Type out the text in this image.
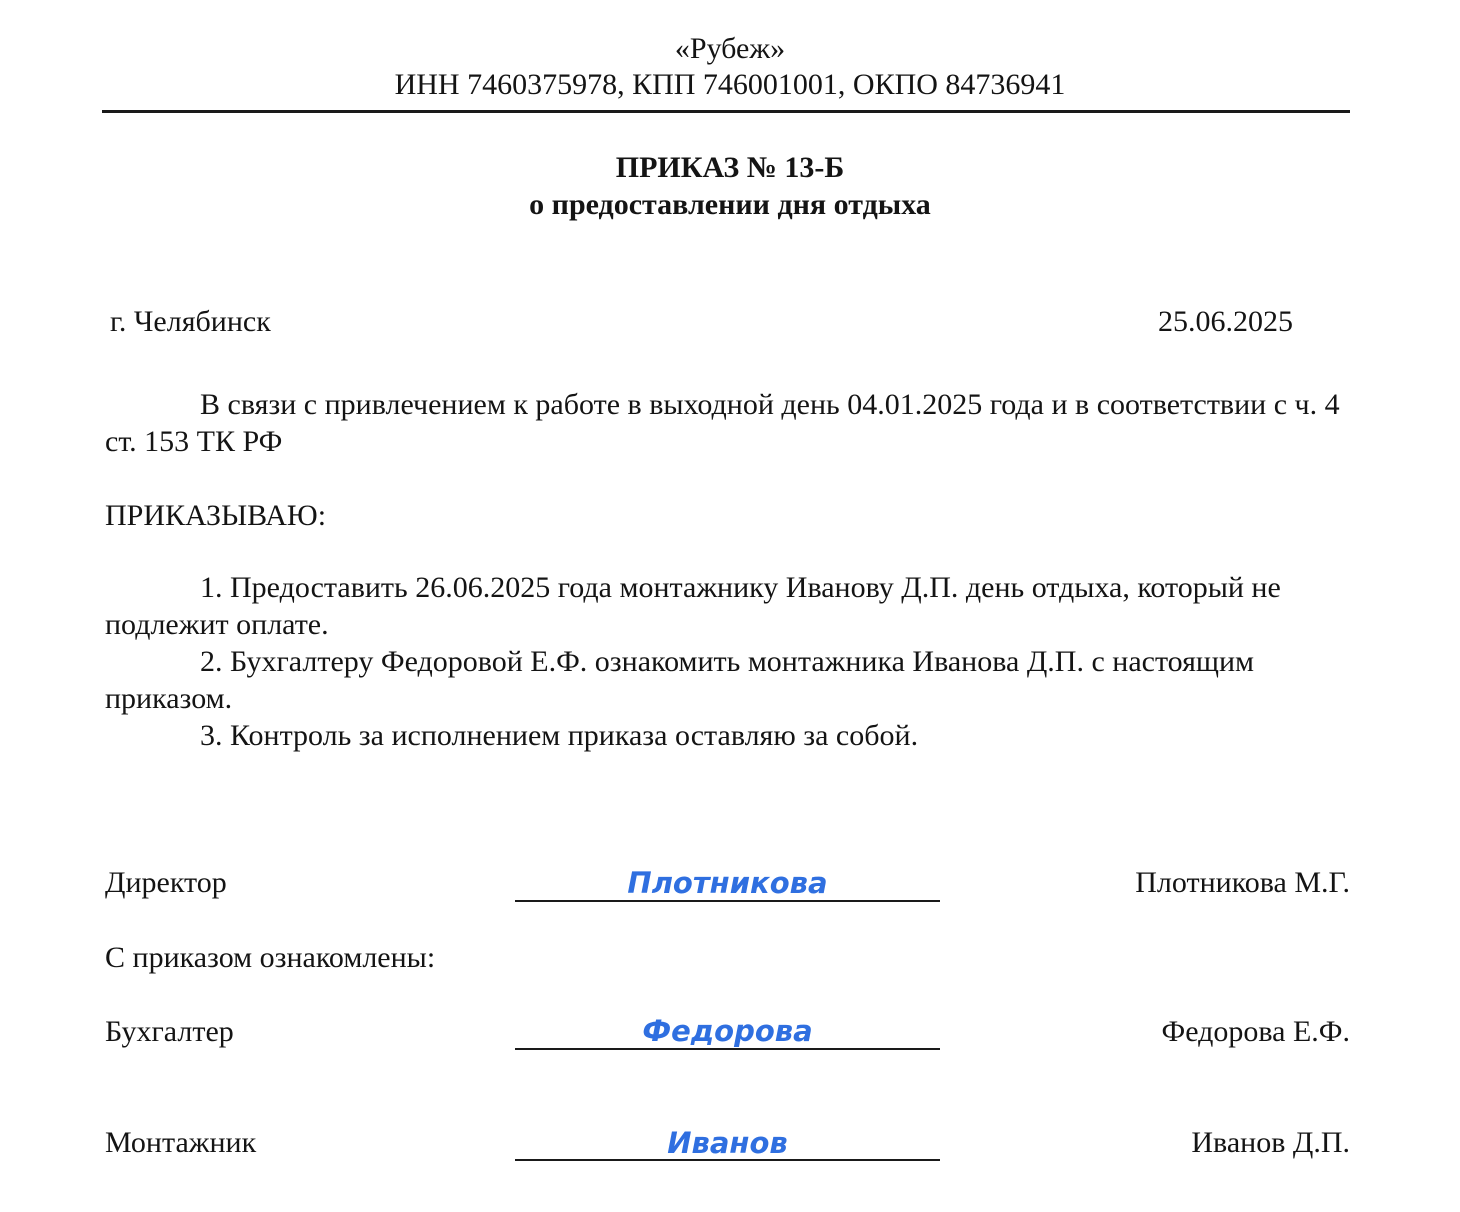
«Рубеж»
ИНН 7460375978, КПП 746001001, ОКПО 84736941
ПРИКАЗ № 13-Б
о предоставлении дня отдыха
г. Челябинск	25.06.2025

В связи с привлечением к работе в выходной день 04.01.2025 года и в соответствии с ч. 4 ст. 153 ТК РФ

ПРИКАЗЫВАЮ:

1. Предоставить 26.06.2025 года монтажнику Иванову Д.П. день отдыха, который не подлежит оплате.

2. Бухгалтеру Федоровой Е.Ф. ознакомить монтажника Иванова Д.П. с настоящим приказом.

3. Контроль за исполнением приказа оставляю за собой.

Директор	Плотникова	Плотникова М.Г.
С приказом ознакомлены:
Бухгалтер	Федорова	Федорова Е.Ф.
Монтажник	Иванов	Иванов Д.П.
